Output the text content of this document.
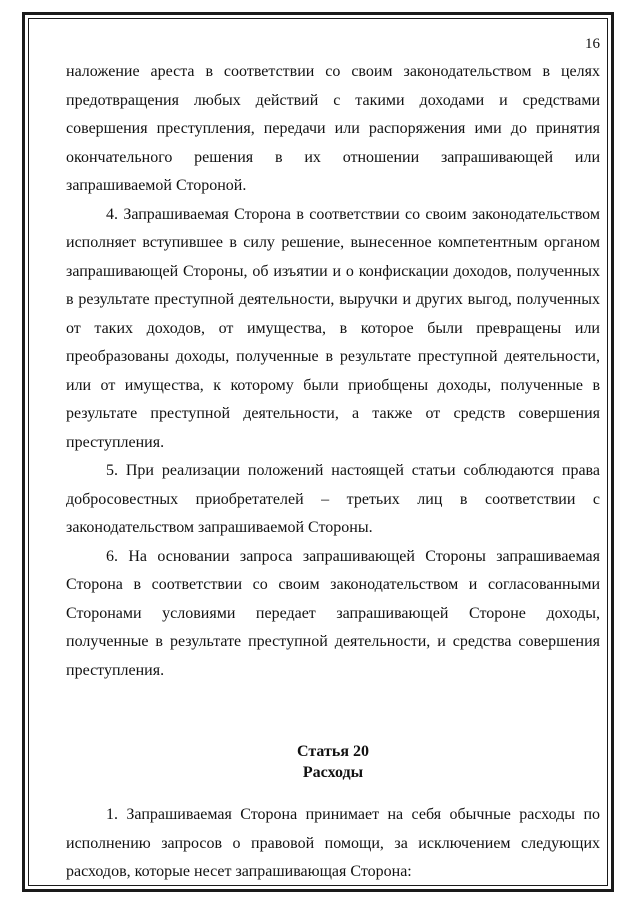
16

наложение ареста в соответствии со своим законодательством в целях предотвращения любых действий с такими доходами и средствами совершения преступления, передачи или распоряжения ими до принятия окончательного решения в их отношении запрашивающей или запрашиваемой Стороной.

4. Запрашиваемая Сторона в соответствии со своим законодательством исполняет вступившее в силу решение, вынесенное компетентным органом запрашивающей Стороны, об изъятии и о конфискации доходов, полученных в результате преступной деятельности, выручки и других выгод, полученных от таких доходов, от имущества, в которое были превращены или преобразованы доходы, полученные в результате преступной деятельности, или от имущества, к которому были приобщены доходы, полученные в результате преступной деятельности, а также от средств совершения преступления.

5. При реализации положений настоящей статьи соблюдаются права добросовестных приобретателей – третьих лиц в соответствии с законодательством запрашиваемой Стороны.

6. На основании запроса запрашивающей Стороны запрашиваемая Сторона в соответствии со своим законодательством и согласованными Сторонами условиями передает запрашивающей Стороне доходы, полученные в результате преступной деятельности, и средства совершения преступления.

Статья 20
Расходы

1. Запрашиваемая Сторона принимает на себя обычные расходы по исполнению запросов о правовой помощи, за исключением следующих расходов, которые несет запрашивающая Сторона:
